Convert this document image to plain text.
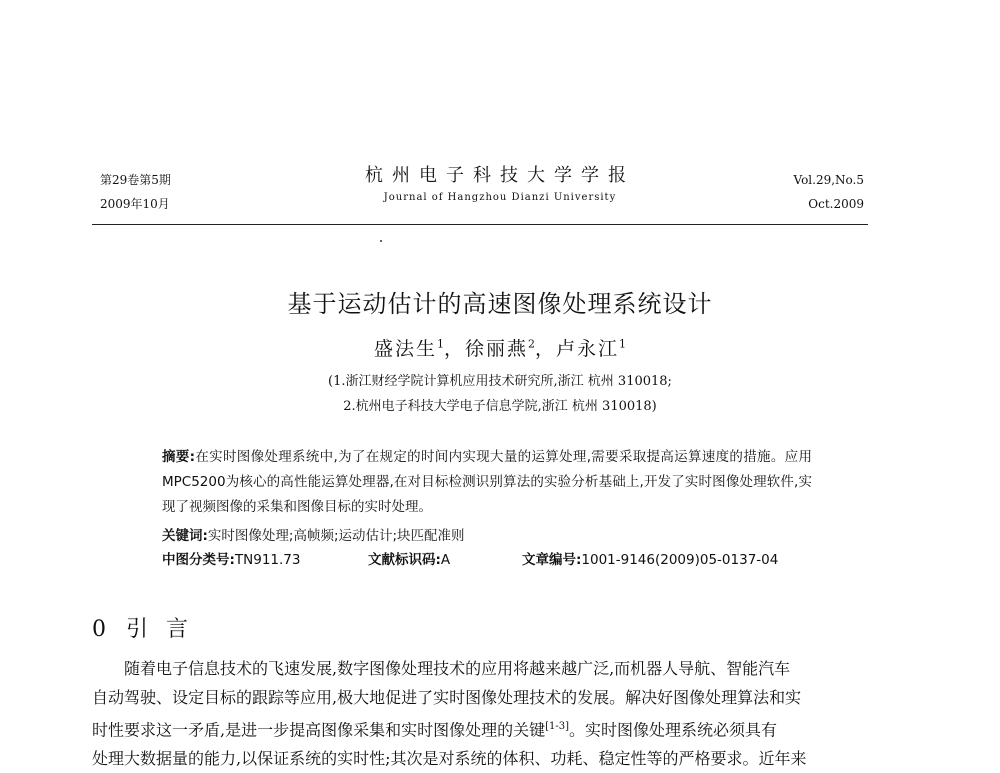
第29卷第5期
2009年10月
杭州电子科技大学学报
Journal of Hangzhou Dianzi University
Vol.29,No.5
Oct.2009
基于运动估计的高速图像处理系统设计
盛法生$^1$，徐丽燕$^2$，卢永江$^1$
(1.浙江财经学院计算机应用技术研究所,浙江 杭州 310018;
2.杭州电子科技大学电子信息学院,浙江 杭州 310018)

摘要:在实时图像处理系统中,为了在规定的时间内实现大量的运算处理,需要采取提高运算速度的措施。应用MPC5200为核心的高性能运算处理器,在对目标检测识别算法的实验分析基础上,开发了实时图像处理软件,实现了视频图像的采集和图像目标的实时处理。

关键词:实时图像处理;高帧频;运动估计;块匹配准则
中图分类号:TN911.73	文献标识码:A	文章编号:1001-9146(2009)05-0137-04
0 引言
随着电子信息技术的飞速发展,数字图像处理技术的应用将越来越广泛,而机器人导航、智能汽车
自动驾驶、设定目标的跟踪等应用,极大地促进了实时图像处理技术的发展。解决好图像处理算法和实
时性要求这一矛盾,是进一步提高图像采集和实时图像处理的关键[1-3]。实时图像处理系统必须具有
处理大数据量的能力,以保证系统的实时性;其次是对系统的体积、功耗、稳定性等的严格要求。近年来
